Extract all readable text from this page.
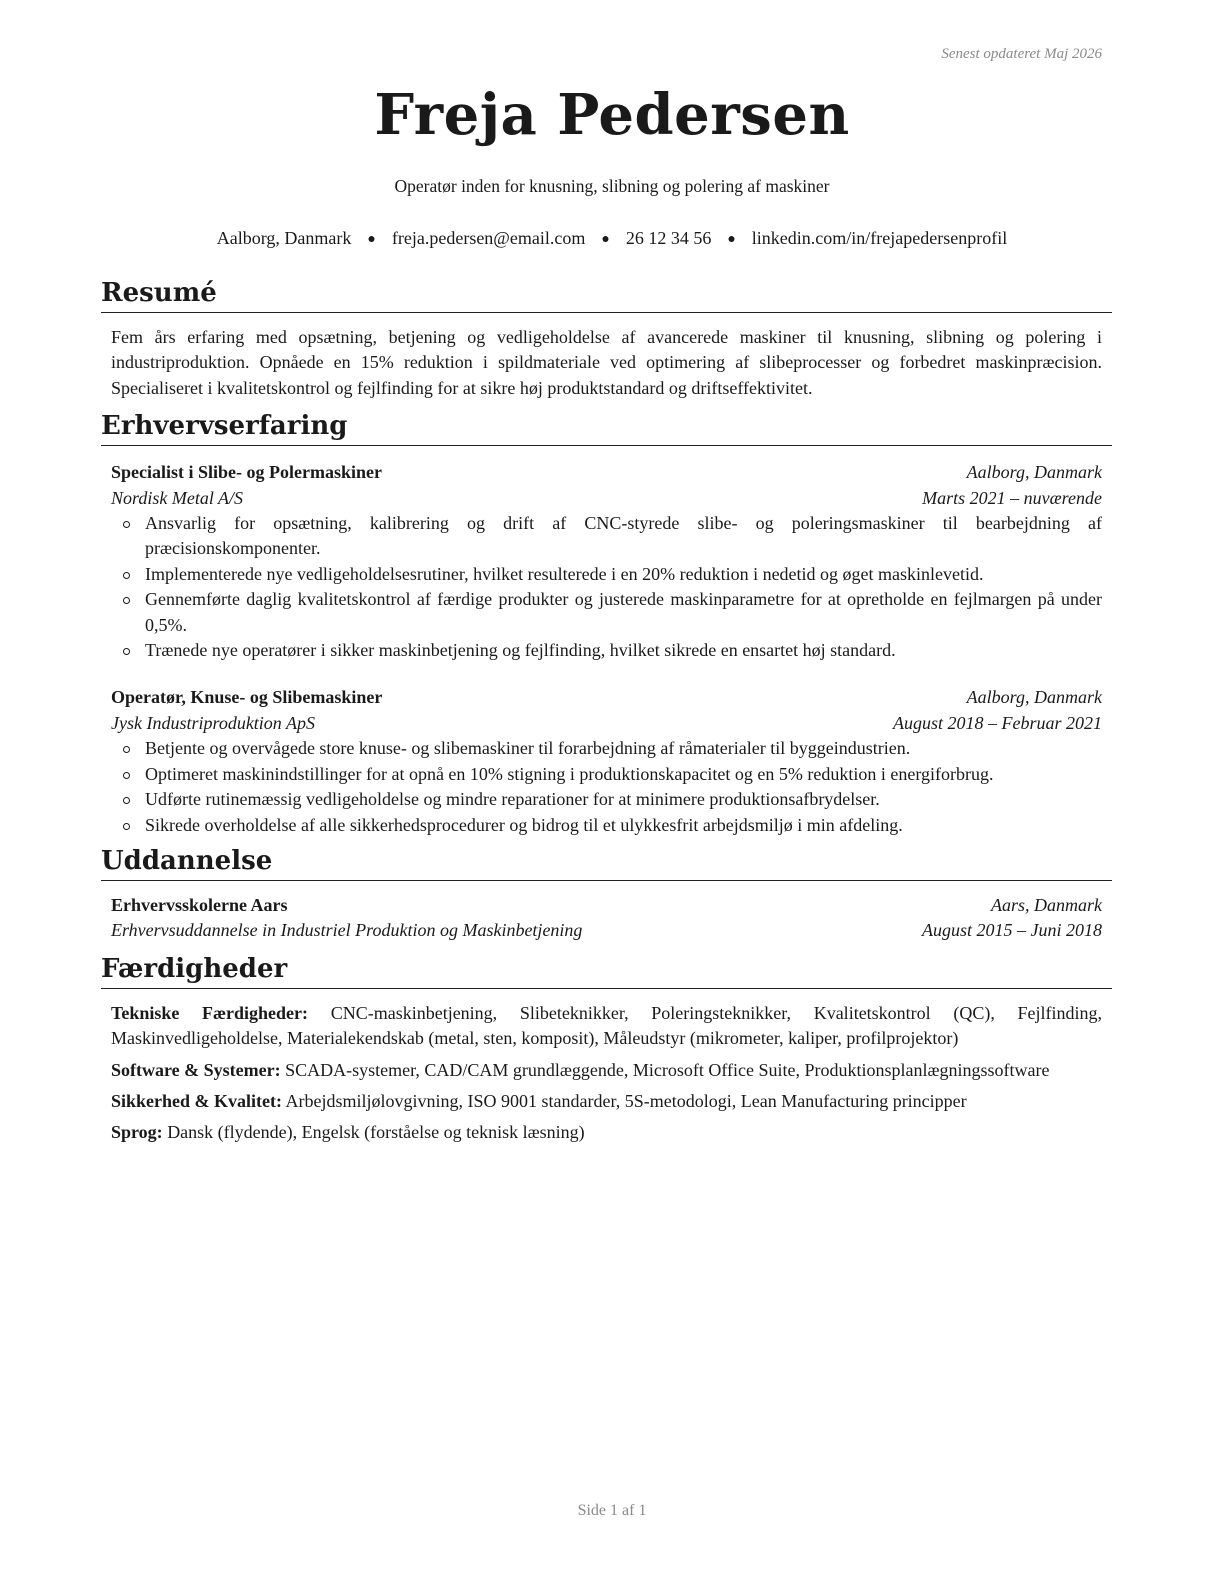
Senest opdateret Maj 2026
Freja Pedersen
Operatør inden for knusning, slibning og polering af maskiner
Aalborg, Danmark ● freja.pedersen@email.com ● 26 12 34 56 ● linkedin.com/in/frejapedersenprofil
Resumé

Fem års erfaring med opsætning, betjening og vedligeholdelse af avancerede maskiner til knusning, slibning og polering i industriproduktion. Opnåede en 15% reduktion i spildmateriale ved optimering af slibeprocesser og forbedret maskinpræcision. Specialiseret i kvalitetskontrol og fejlfinding for at sikre høj produktstandard og driftseffektivitet.

Erhvervserfaring
Specialist i Slibe- og Polermaskiner	Aalborg, Danmark
Nordisk Metal A/S	Marts 2021 – nuværende
Ansvarlig for opsætning, kalibrering og drift af CNC-styrede slibe- og poleringsmaskiner til bearbejdning af præcisionskomponenter.
Implementerede nye vedligeholdelsesrutiner, hvilket resulterede i en 20% reduktion i nedetid og øget maskinlevetid.
Gennemførte daglig kvalitetskontrol af færdige produkter og justerede maskinparametre for at opretholde en fejlmargen på under 0,5%.
Trænede nye operatører i sikker maskinbetjening og fejlfinding, hvilket sikrede en ensartet høj standard.
Operatør, Knuse- og Slibemaskiner	Aalborg, Danmark
Jysk Industriproduktion ApS	August 2018 – Februar 2021
Betjente og overvågede store knuse- og slibemaskiner til forarbejdning af råmaterialer til byggeindustrien.
Optimeret maskinindstillinger for at opnå en 10% stigning i produktionskapacitet og en 5% reduktion i energiforbrug.
Udførte rutinemæssig vedligeholdelse og mindre reparationer for at minimere produktionsafbrydelser.
Sikrede overholdelse af alle sikkerhedsprocedurer og bidrog til et ulykkesfrit arbejdsmiljø i min afdeling.
Uddannelse
Erhvervsskolerne Aars	Aars, Danmark
Erhvervsuddannelse in Industriel Produktion og Maskinbetjening	August 2015 – Juni 2018
Færdigheder

Tekniske Færdigheder: CNC-maskinbetjening, Slibeteknikker, Poleringsteknikker, Kvalitetskontrol (QC), Fejlfinding, Maskinvedligeholdelse, Materialekendskab (metal, sten, komposit), Måleudstyr (mikrometer, kaliper, profilprojektor)

Software & Systemer: SCADA-systemer, CAD/CAM grundlæggende, Microsoft Office Suite, Produktionsplanlægningssoftware

Sikkerhed & Kvalitet: Arbejdsmiljølovgivning, ISO 9001 standarder, 5S-metodologi, Lean Manufacturing principper

Sprog: Dansk (flydende), Engelsk (forståelse og teknisk læsning)

Side 1 af 1
